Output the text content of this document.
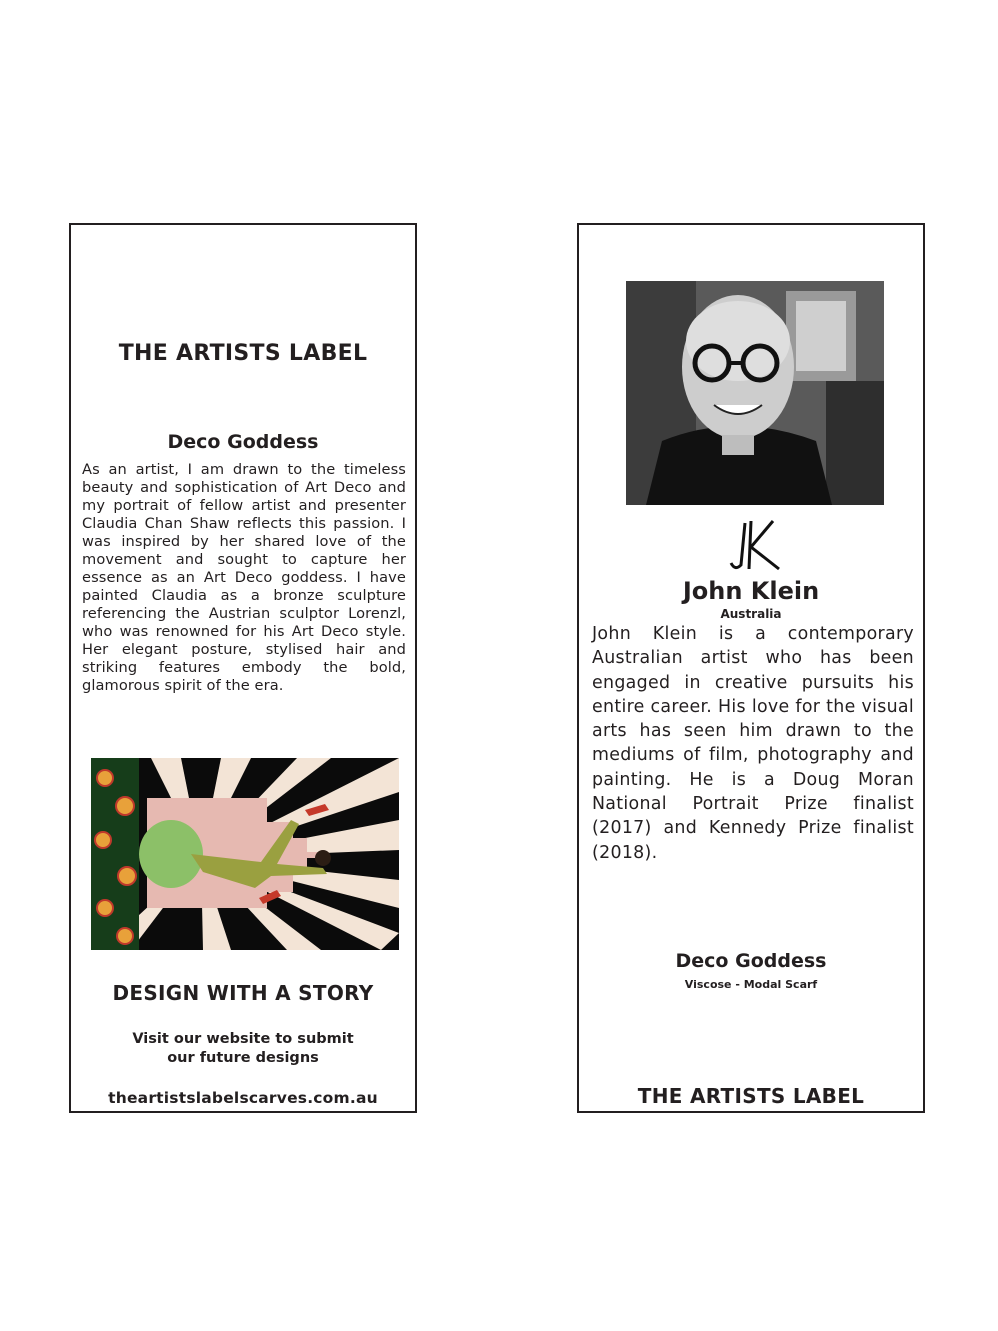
THE ARTISTS LABEL
Deco Goddess

As an artist, I am drawn to the timeless beauty and sophistication of Art Deco and my portrait of fellow artist and presenter Claudia Chan Shaw reflects this passion. I was inspired by her shared love of the movement and sought to capture her essence as an Art Deco goddess. I have painted Claudia as a bronze sculpture referencing the Austrian sculptor Lorenzl, who was renowned for his Art Deco style. Her elegant posture, stylised hair and striking features embody the bold, glamorous spirit of the era.

DESIGN WITH A STORY
Visit our website to submit
our future designs
theartistslabelscarves.com.au
John Klein
Australia

John Klein is a contemporary Australian artist who has been engaged in creative pursuits his entire career. His love for the visual arts has seen him drawn to the mediums of film, photography and painting. He is a Doug Moran National Portrait Prize finalist (2017) and Kennedy Prize finalist (2018).

Deco Goddess
Viscose - Modal Scarf
THE ARTISTS LABEL
